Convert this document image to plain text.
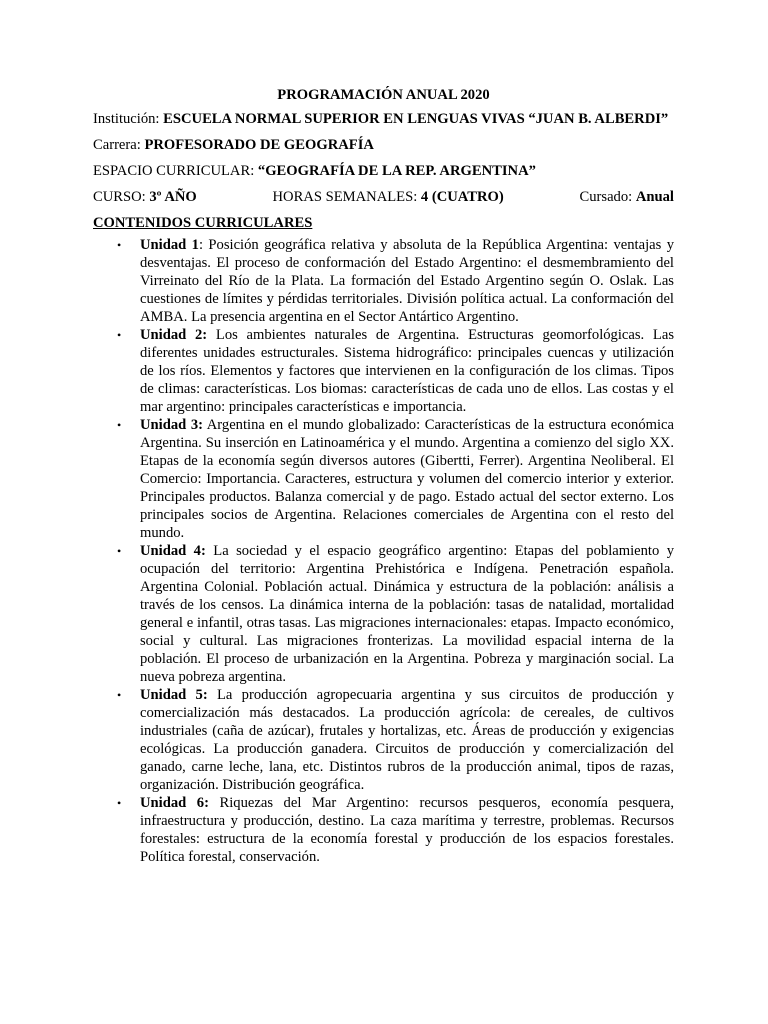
PROGRAMACIÓN ANUAL 2020
Institución: ESCUELA NORMAL SUPERIOR EN LENGUAS VIVAS “JUAN B. ALBERDI”
Carrera: PROFESORADO DE GEOGRAFÍA
ESPACIO CURRICULAR: “GEOGRAFÍA DE LA REP. ARGENTINA”
CURSO: 3º AÑO	HORAS SEMANALES: 4 (CUATRO)	Cursado: Anual
CONTENIDOS CURRICULARES
• Unidad 1: Posición geográfica relativa y absoluta de la República Argentina: ventajas y desventajas. El proceso de conformación del Estado Argentino: el desmembramiento del Virreinato del Río de la Plata. La formación del Estado Argentino según O. Oslak. Las cuestiones de límites y pérdidas territoriales. División política actual. La conformación del AMBA. La presencia argentina en el Sector Antártico Argentino.
• Unidad 2: Los ambientes naturales de Argentina. Estructuras geomorfológicas. Las diferentes unidades estructurales. Sistema hidrográfico: principales cuencas y utilización de los ríos. Elementos y factores que intervienen en la configuración de los climas. Tipos de climas: características. Los biomas: características de cada uno de ellos. Las costas y el mar argentino: principales características e importancia.
• Unidad 3: Argentina en el mundo globalizado: Características de la estructura económica Argentina. Su inserción en Latinoamérica y el mundo. Argentina a comienzo del siglo XX. Etapas de la economía según diversos autores (Gibertti, Ferrer). Argentina Neoliberal. El Comercio: Importancia. Caracteres, estructura y volumen del comercio interior y exterior. Principales productos. Balanza comercial y de pago. Estado actual del sector externo. Los principales socios de Argentina. Relaciones comerciales de Argentina con el resto del mundo.
• Unidad 4: La sociedad y el espacio geográfico argentino: Etapas del poblamiento y ocupación del territorio: Argentina Prehistórica e Indígena. Penetración española. Argentina Colonial. Población actual. Dinámica y estructura de la población: análisis a través de los censos. La dinámica interna de la población: tasas de natalidad, mortalidad general e infantil, otras tasas. Las migraciones internacionales: etapas. Impacto económico, social y cultural. Las migraciones fronterizas. La movilidad espacial interna de la población. El proceso de urbanización en la Argentina. Pobreza y marginación social. La nueva pobreza argentina.
• Unidad 5: La producción agropecuaria argentina y sus circuitos de producción y comercialización más destacados. La producción agrícola: de cereales, de cultivos industriales (caña de azúcar), frutales y hortalizas, etc. Áreas de producción y exigencias ecológicas. La producción ganadera. Circuitos de producción y comercialización del ganado, carne leche, lana, etc. Distintos rubros de la producción animal, tipos de razas, organización. Distribución geográfica.
• Unidad 6: Riquezas del Mar Argentino: recursos pesqueros, economía pesquera, infraestructura y producción, destino. La caza marítima y terrestre, problemas. Recursos forestales: estructura de la economía forestal y producción de los espacios forestales. Política forestal, conservación.
